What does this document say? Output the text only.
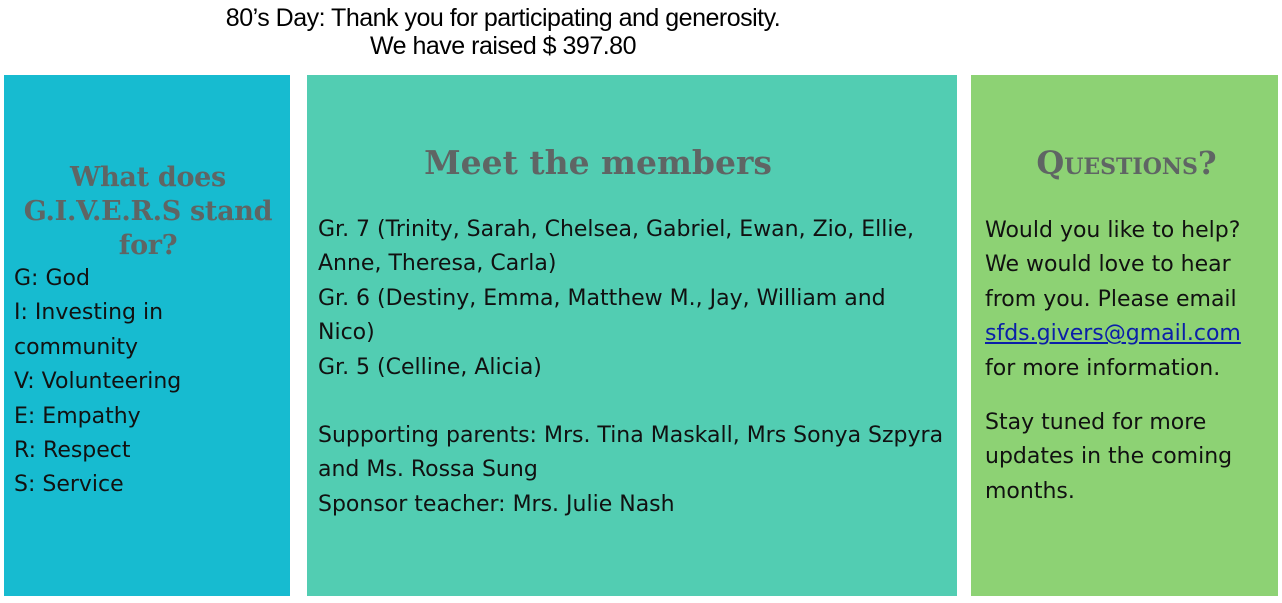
80’s Day: Thank you for participating and generosity.
We have raised $ 397.80
What does G.I.V.E.R.S stand for?
G: God
I: Investing in community
V: Volunteering
E: Empathy
R: Respect
S: Service
Meet the members
Gr. 7 (Trinity, Sarah, Chelsea, Gabriel, Ewan, Zio, Ellie, Anne, Theresa, Carla)
Gr. 6 (Destiny, Emma, Matthew M., Jay, William and Nico)
Gr. 5 (Celline, Alicia)
Supporting parents: Mrs. Tina Maskall, Mrs Sonya Szpyra and Ms. Rossa Sung
Sponsor teacher: Mrs. Julie Nash
Questions?
Would you like to help? We would love to hear from you. Please email sfds.givers@gmail.com for more information.
Stay tuned for more updates in the coming months.
